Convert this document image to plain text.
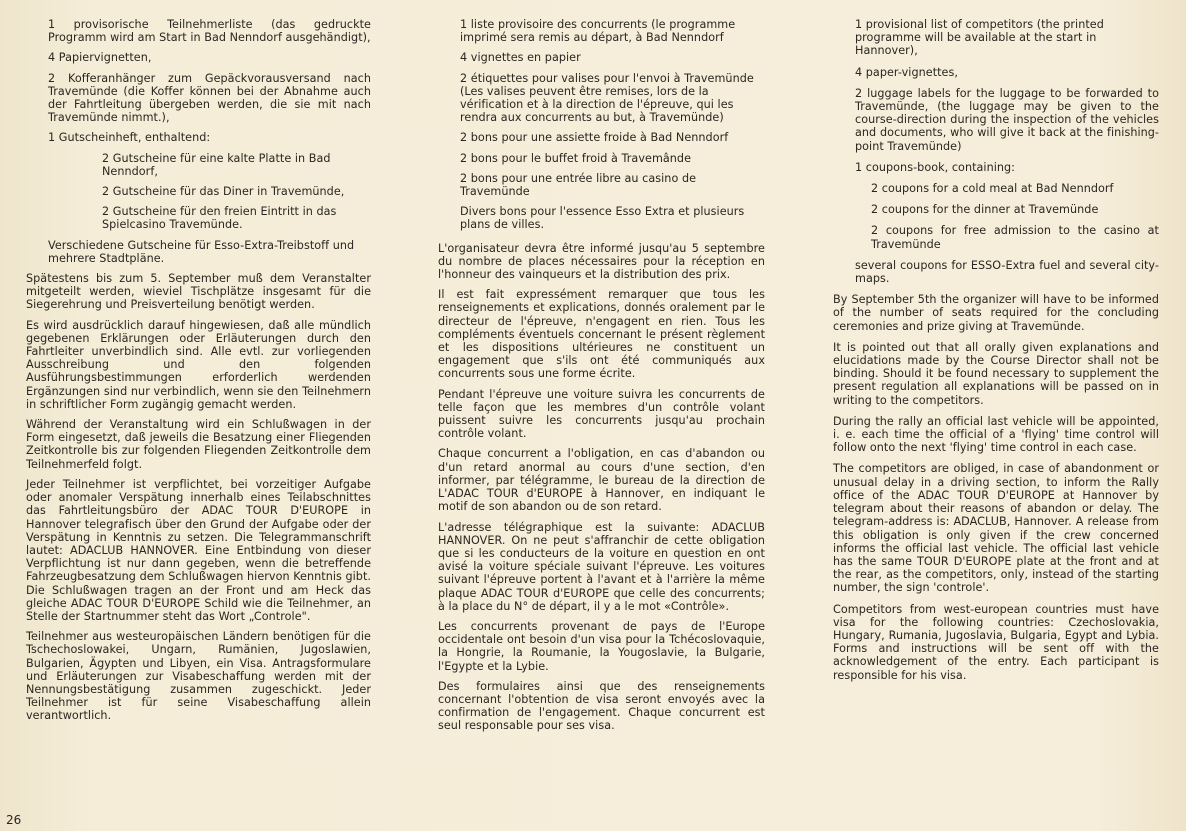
1 provisorische Teilnehmerliste (das gedruckte Programm wird am Start in Bad Nenndorf ausgehändigt),

4 Papiervignetten,

2 Kofferanhänger zum Gepäckvorausversand nach Travemünde (die Koffer können bei der Abnahme auch der Fahrtleitung übergeben werden, die sie mit nach Travemünde nimmt.),

1 Gutscheinheft, enthaltend:

2 Gutscheine für eine kalte Platte in Bad Nenndorf,

2 Gutscheine für das Diner in Travemünde,

2 Gutscheine für den freien Eintritt in das Spielcasino Travemünde.

Verschiedene Gutscheine für Esso-Extra-Treibstoff und mehrere Stadtpläne.

Spätestens bis zum 5. September muß dem Veranstalter mitgeteilt werden, wieviel Tischplätze insgesamt für die Siegerehrung und Preisverteilung benötigt werden.

Es wird ausdrücklich darauf hingewiesen, daß alle mündlich gegebenen Erklärungen oder Erläuterungen durch den Fahrtleiter unverbindlich sind. Alle evtl. zur vorliegenden Ausschreibung und den folgenden Ausführungsbestimmungen erforderlich werdenden Ergänzungen sind nur verbindlich, wenn sie den Teilnehmern in schriftlicher Form zugängig gemacht werden.

Während der Veranstaltung wird ein Schlußwagen in der Form eingesetzt, daß jeweils die Besatzung einer Fliegenden Zeitkontrolle bis zur folgenden Fliegenden Zeitkontrolle dem Teilnehmerfeld folgt.

Jeder Teilnehmer ist verpflichtet, bei vorzeitiger Aufgabe oder anomaler Verspätung innerhalb eines Teilabschnittes das Fahrtleitungsbüro der ADAC TOUR D'EUROPE in Hannover telegrafisch über den Grund der Aufgabe oder der Verspätung in Kenntnis zu setzen. Die Telegrammanschrift lautet: ADACLUB HANNOVER. Eine Entbindung von dieser Verpflichtung ist nur dann gegeben, wenn die betreffende Fahrzeugbesatzung dem Schlußwagen hiervon Kenntnis gibt. Die Schlußwagen tragen an der Front und am Heck das gleiche ADAC TOUR D'EUROPE Schild wie die Teilnehmer, an Stelle der Startnummer steht das Wort „Controle".

Teilnehmer aus westeuropäischen Ländern benötigen für die Tschechoslowakei, Ungarn, Rumänien, Jugoslawien, Bulgarien, Ägypten und Libyen, ein Visa. Antragsformulare und Erläuterungen zur Visabeschaffung werden mit der Nennungsbestätigung zusammen zugeschickt. Jeder Teilnehmer ist für seine Visabeschaffung allein verantwortlich.

1 liste provisoire des concurrents (le programme imprimé sera remis au départ, à Bad Nenndorf

4 vignettes en papier

2 étiquettes pour valises pour l'envoi à Travemünde

(Les valises peuvent être remises, lors de la vérification et à la direction de l'épreuve, qui les rendra aux concurrents au but, à Travemünde)

2 bons pour une assiette froide à Bad Nenndorf

2 bons pour le buffet froid à Travemânde

2 bons pour une entrée libre au casino de Travemünde

Divers bons pour l'essence Esso Extra et plusieurs plans de villes.

L'organisateur devra être informé jusqu'au 5 septembre du nombre de places nécessaires pour la réception en l'honneur des vainqueurs et la distribution des prix.

Il est fait expressément remarquer que tous les renseignements et explications, donnés oralement par le directeur de l'épreuve, n'engagent en rien. Tous les compléments éventuels concernant le présent règlement et les dispositions ultérieures ne constituent un engagement que s'ils ont été communiqués aux concurrents sous une forme écrite.

Pendant l'épreuve une voiture suivra les concurrents de telle façon que les membres d'un contrôle volant puissent suivre les concurrents jusqu'au prochain contrôle volant.

Chaque concurrent a l'obligation, en cas d'abandon ou d'un retard anormal au cours d'une section, d'en informer, par télégramme, le bureau de la direction de L'ADAC TOUR d'EUROPE à Hannover, en indiquant le motif de son abandon ou de son retard.

L'adresse télégraphique est la suivante: ADACLUB HANNOVER. On ne peut s'affranchir de cette obligation que si les conducteurs de la voiture en question en ont avisé la voiture spéciale suivant l'épreuve. Les voitures suivant l'épreuve portent à l'avant et à l'arrière la même plaque ADAC TOUR d'EUROPE que celle des concurrents; à la place du N° de départ, il y a le mot «Contrôle».

Les concurrents provenant de pays de l'Europe occidentale ont besoin d'un visa pour la Tchécoslovaquie, la Hongrie, la Roumanie, la Yougoslavie, la Bulgarie, l'Egypte et la Lybie.

Des formulaires ainsi que des renseignements concernant l'obtention de visa seront envoyés avec la confirmation de l'engagement. Chaque concurrent est seul responsable pour ses visa.

1 provisional list of competitors (the printed programme will be available at the start in Hannover),

4 paper-vignettes,

2 luggage labels for the luggage to be forwarded to Travemünde, (the luggage may be given to the course-direction during the inspection of the vehicles and documents, who will give it back at the finishing-point Travemünde)

1 coupons-book, containing:

2 coupons for a cold meal at Bad Nenndorf

2 coupons for the dinner at Travemünde

2 coupons for free admission to the casino at Travemünde

several coupons for ESSO-Extra fuel and several city-maps.

By September 5th the organizer will have to be informed of the number of seats required for the concluding ceremonies and prize giving at Travemünde.

It is pointed out that all orally given explanations and elucidations made by the Course Director shall not be binding. Should it be found necessary to supplement the present regulation all explanations will be passed on in writing to the competitors.

During the rally an official last vehicle will be appointed, i. e. each time the official of a 'flying' time control will follow onto the next 'flying' time control in each case.

The competitors are obliged, in case of abandonment or unusual delay in a driving section, to inform the Rally office of the ADAC TOUR D'EUROPE at Hannover by telegram about their reasons of abandon or delay. The telegram-address is: ADACLUB, Hannover. A release from this obligation is only given if the crew concerned informs the official last vehicle. The official last vehicle has the same TOUR D'EUROPE plate at the front and at the rear, as the competitors, only, instead of the starting number, the sign 'controle'.

Competitors from west-european countries must have visa for the following countries: Czechoslovakia, Hungary, Rumania, Jugoslavia, Bulgaria, Egypt and Lybia. Forms and instructions will be sent off with the acknowledgement of the entry. Each participant is responsible for his visa.

26
